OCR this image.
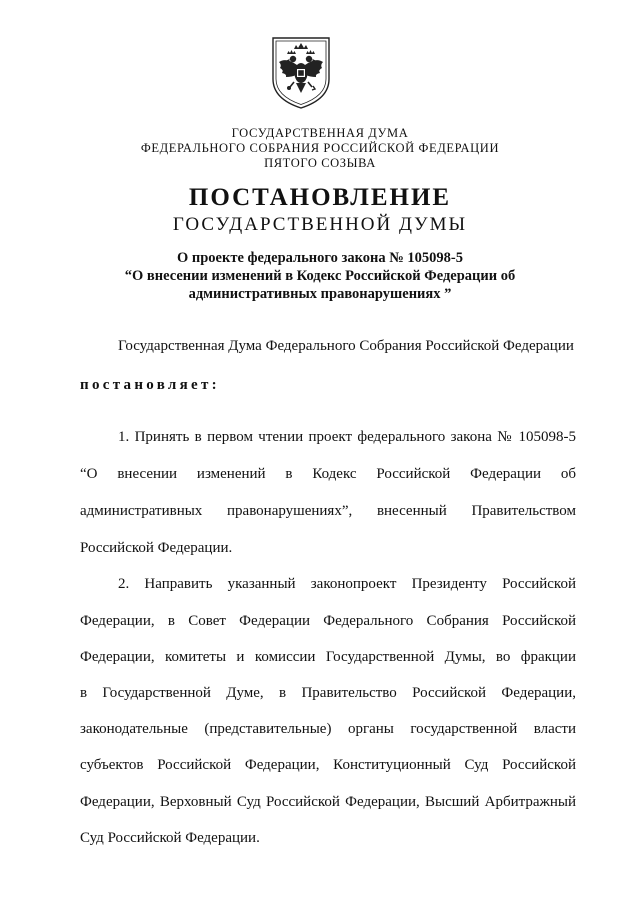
ГОСУДАРСТВЕННАЯ ДУМА
ФЕДЕРАЛЬНОГО СОБРАНИЯ РОССИЙСКОЙ ФЕДЕРАЦИИ
ПЯТОГО СОЗЫВА
ПОСТАНОВЛЕНИЕ
ГОСУДАРСТВЕННОЙ ДУМЫ
О проекте федерального закона № 105098-5
“О внесении изменений в Кодекс Российской Федерации об
административных правонарушениях ”
Государственная Дума Федерального Собрания Российской Федерации
постановляет:
1. Принять в первом чтении проект федерального закона № 105098-5
“О внесении изменений в Кодекс Российской Федерации об
административных правонарушениях”, внесенный Правительством
Российской Федерации.
2. Направить указанный законопроект Президенту Российской
Федерации, в Совет Федерации Федерального Собрания Российской
Федерации, комитеты и комиссии Государственной Думы, во фракции
в Государственной Думе, в Правительство Российской Федерации,
законодательные (представительные) органы государственной власти
субъектов Российской Федерации, Конституционный Суд Российской
Федерации, Верховный Суд Российской Федерации, Высший Арбитражный
Суд Российской Федерации.
